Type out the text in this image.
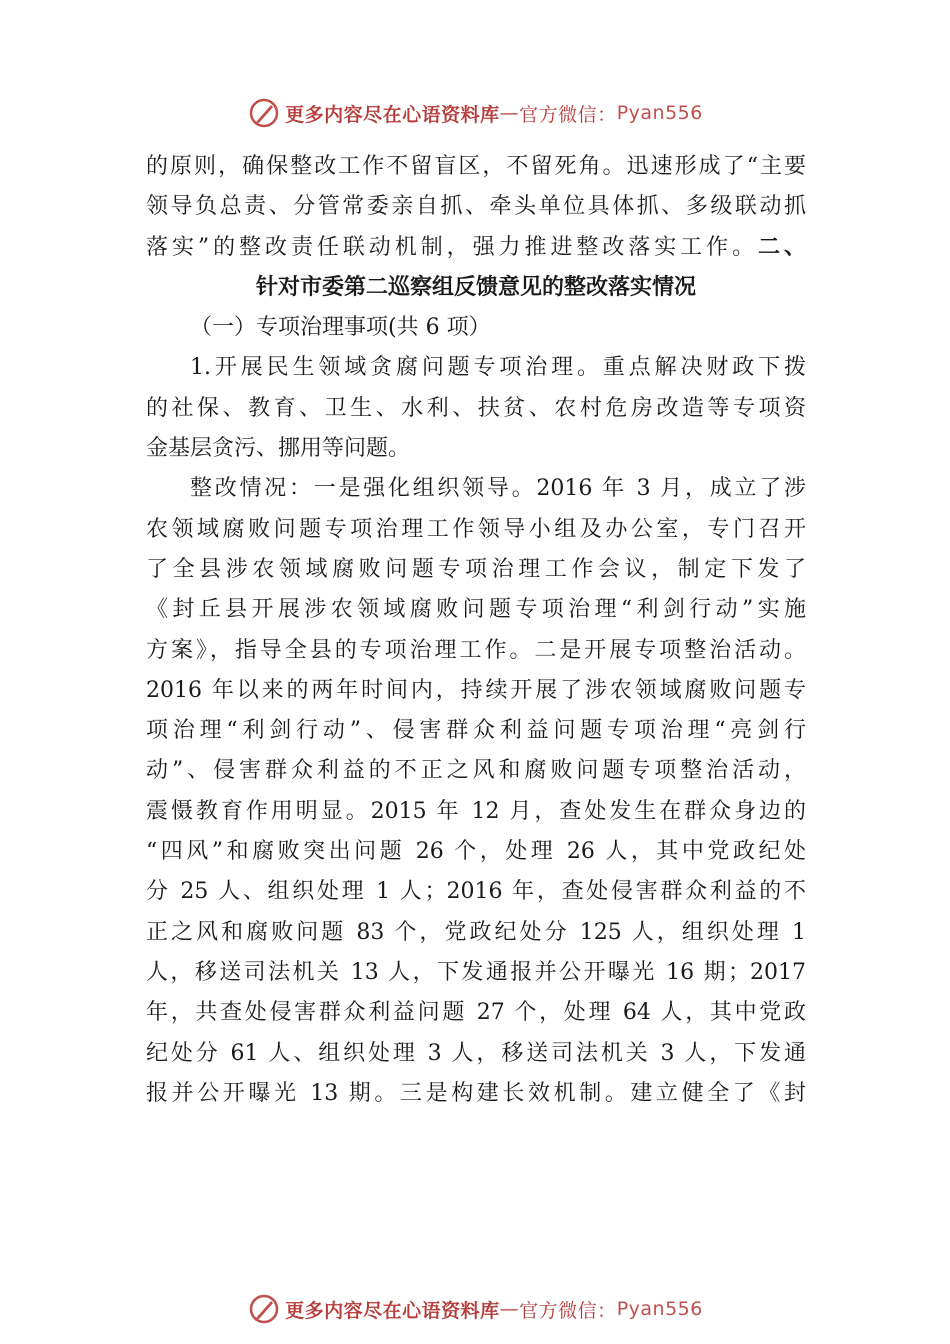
更多内容尽在心语资料库 — 官方微信： Pyan556
的原则，确保整改工作不留盲区，不留死角。迅速形成了“主要
领导负总责、分管常委亲自抓、牵头单位具体抓、多级联动抓
落实”的整改责任联动机制，强力推进整改落实工作。二、
针对市委第二巡察组反馈意见的整改落实情况
（一）专项治理事项(共 6 项）
1.开展民生领域贪腐问题专项治理。重点解决财政下拨
的社保、教育、卫生、水利、扶贫、农村危房改造等专项资
金基层贪污、挪用等问题。
整改情况：一是强化组织领导。2016 年 3 月，成立了涉
农领域腐败问题专项治理工作领导小组及办公室，专门召开
了全县涉农领域腐败问题专项治理工作会议，制定下发了
《封丘县开展涉农领域腐败问题专项治理“利剑行动”实施
方案》，指导全县的专项治理工作。二是开展专项整治活动。
2016 年以来的两年时间内，持续开展了涉农领域腐败问题专
项治理“利剑行动”、侵害群众利益问题专项治理“亮剑行
动”、侵害群众利益的不正之风和腐败问题专项整治活动，
震慑教育作用明显。2015 年 12 月，查处发生在群众身边的
“四风”和腐败突出问题 26 个，处理 26 人，其中党政纪处
分 25 人、组织处理 1 人；2016 年，查处侵害群众利益的不
正之风和腐败问题 83 个，党政纪处分 125 人，组织处理 1
人，移送司法机关 13 人，下发通报并公开曝光 16 期；2017
年，共查处侵害群众利益问题 27 个，处理 64 人，其中党政
纪处分 61 人、组织处理 3 人，移送司法机关 3 人，下发通
报并公开曝光 13 期。三是构建长效机制。建立健全了《封
更多内容尽在心语资料库 — 官方微信： Pyan556
